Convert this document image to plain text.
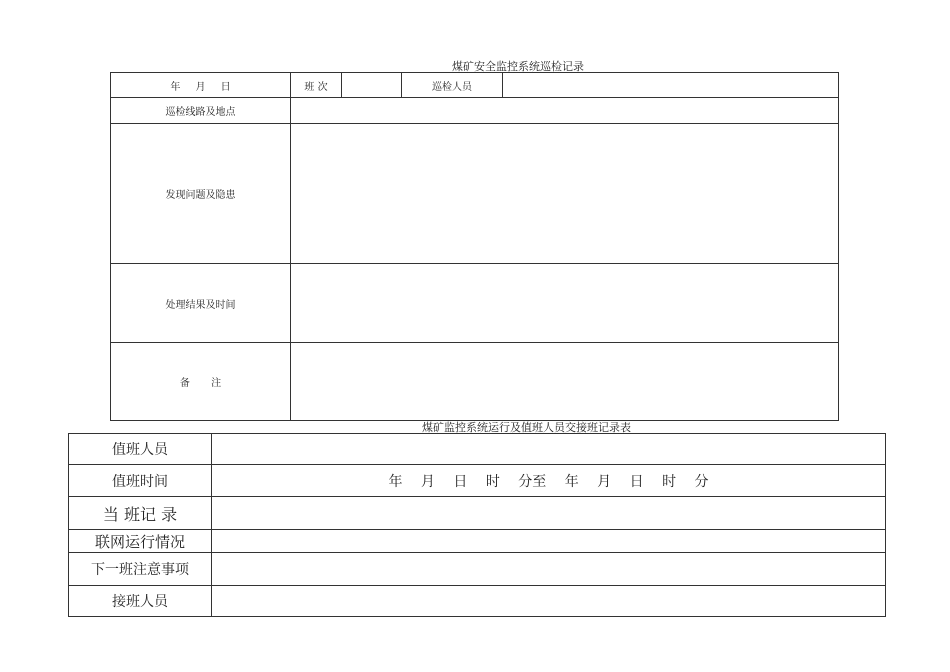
煤矿安全监控系统巡检记录
年 月 日	班 次		巡检人员	
巡检线路及地点				
发现问题及隐患				
处理结果及时间				
备 注				
煤矿监控系统运行及值班人员交接班记录表
值班人员	
值班时间	年 月 日 时 分至 年 月 日 时 分
当 班记 录	
联网运行情况	
下一班注意事项	
接班人员	
